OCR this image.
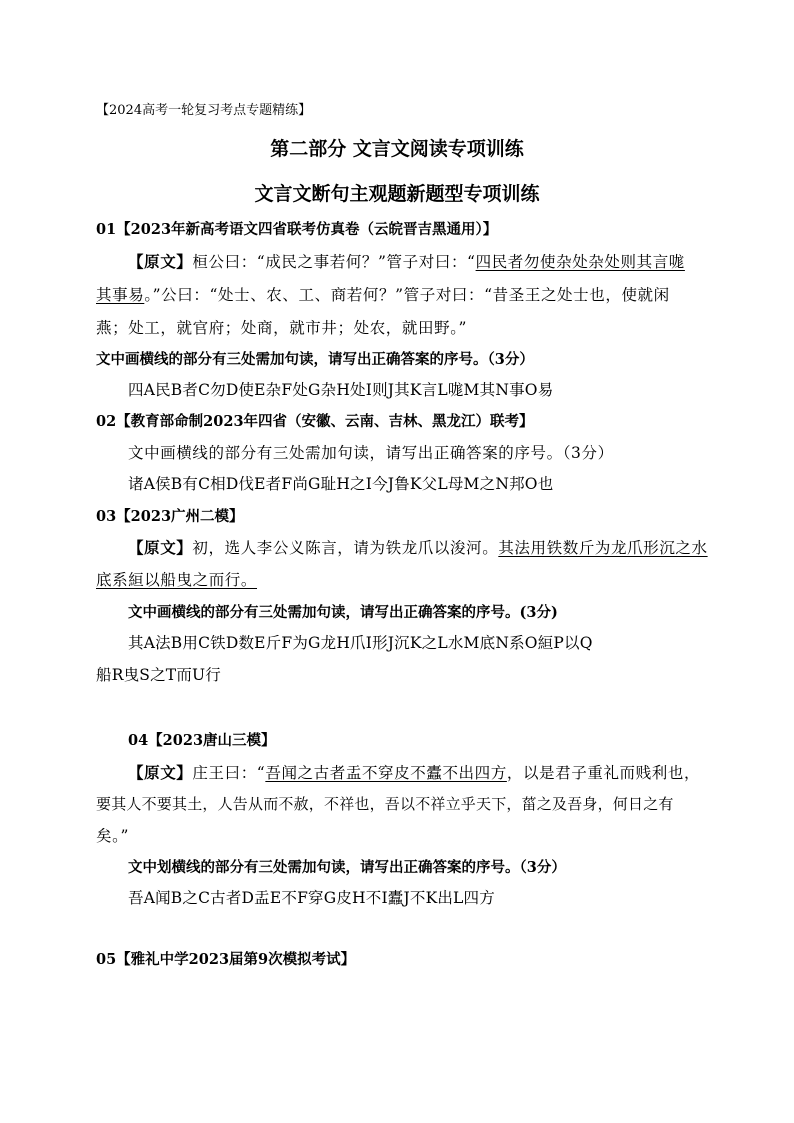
【2024高考一轮复习考点专题精练】
第二部分 文言文阅读专项训练
文言文断句主观题新题型专项训练
01【2023年新高考语文四省联考仿真卷（云皖晋吉黑通用）】
【原文】桓公曰：“成民之事若何？”管子对曰：“四民者勿使杂处杂处则其言哤
其事易。”公曰：“处士、农、工、商若何？”管子对曰：“昔圣王之处士也，使就闲
燕；处工，就官府；处商，就市井；处农，就田野。”
文中画横线的部分有三处需加句读，请写出正确答案的序号。（3分）
四A民B者C勿D使E杂F处G杂H处I则J其K言L哤M其N事O易
02【教育部命制2023年四省（安徽、云南、吉林、黑龙江）联考】
文中画横线的部分有三处需加句读，请写出正确答案的序号。（3分）
诸A侯B有C相D伐E者F尚G耻H之I今J鲁K父L母M之N邦O也
03【2023广州二模】
【原文】初，选人李公义陈言，请为铁龙爪以浚河。其法用铁数斤为龙爪形沉之水
底系絙以船曳之而行。
文中画横线的部分有三处需加句读，请写出正确答案的序号。(3分)
其A法B用C铁D数E斤F为G龙H爪I形J沉K之L水M底N系O絙P以Q
船R曳S之T而U行
04【2023唐山三模】
【原文】庄王曰：“吾闻之古者盂不穿皮不蠹不出四方，以是君子重礼而贱利也，
要其人不要其土，人告从而不赦，不祥也，吾以不祥立乎天下，菑之及吾身，何日之有
矣。”
文中划横线的部分有三处需加句读，请写出正确答案的序号。（3分）
吾A闻B之C古者D盂E不F穿G皮H不I蠹J不K出L四方
05【雅礼中学2023届第9次模拟考试】
